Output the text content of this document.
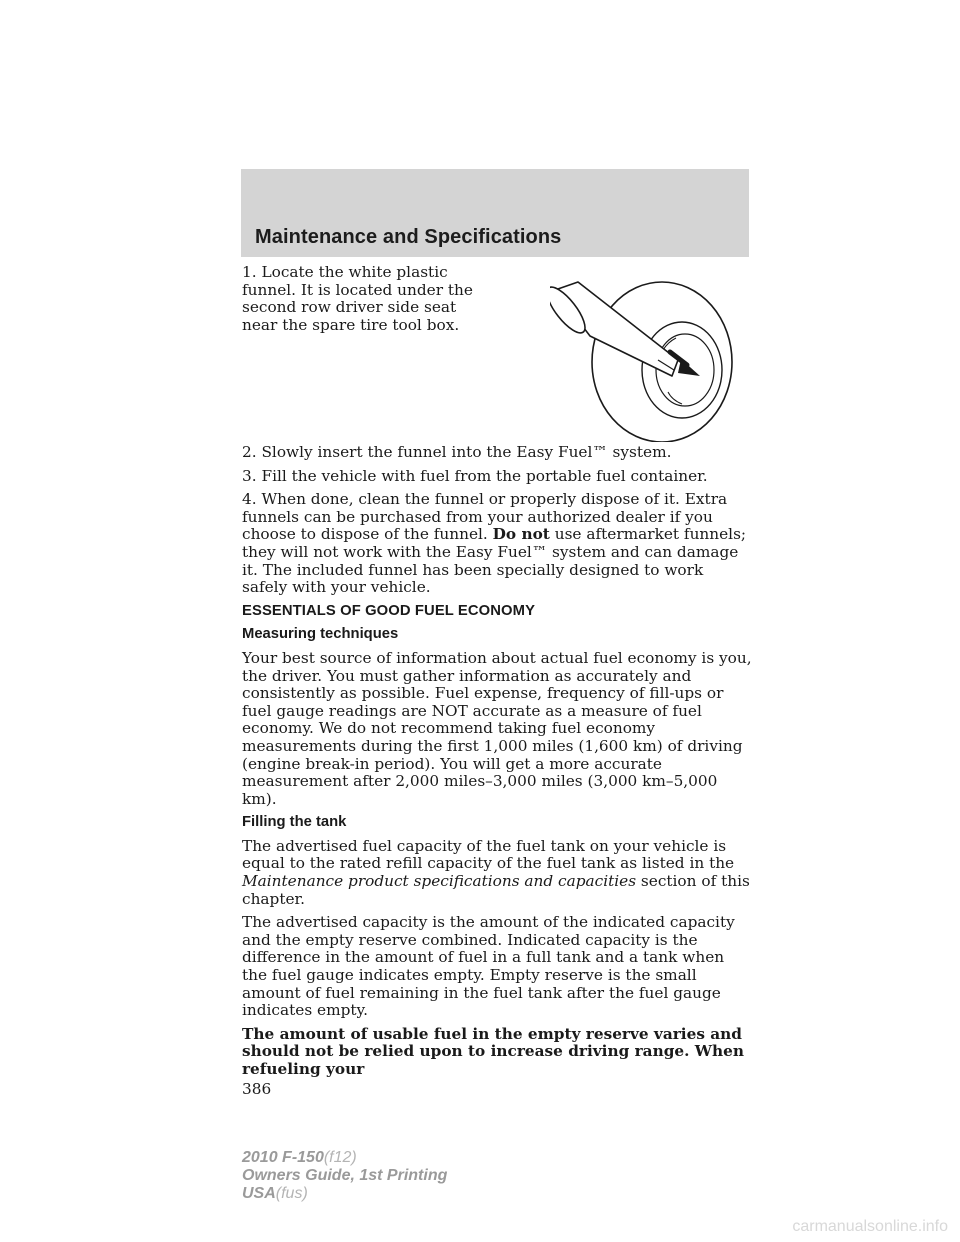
Maintenance and Specifications

1. Locate the white plastic funnel. It is located under the second row driver side seat near the spare tire tool box.

2. Slowly insert the funnel into the Easy Fuel™ system.

3. Fill the vehicle with fuel from the portable fuel container.

4. When done, clean the funnel or properly dispose of it. Extra funnels can be purchased from your authorized dealer if you choose to dispose of the funnel. Do not use aftermarket funnels; they will not work with the Easy Fuel™ system and can damage it. The included funnel has been specially designed to work safely with your vehicle.

ESSENTIALS OF GOOD FUEL ECONOMY
Measuring techniques

Your best source of information about actual fuel economy is you, the driver. You must gather information as accurately and consistently as possible. Fuel expense, frequency of fill-ups or fuel gauge readings are NOT accurate as a measure of fuel economy. We do not recommend taking fuel economy measurements during the first 1,000 miles (1,600 km) of driving (engine break-in period). You will get a more accurate measurement after 2,000 miles–3,000 miles (3,000 km–5,000 km).

Filling the tank

The advertised fuel capacity of the fuel tank on your vehicle is equal to the rated refill capacity of the fuel tank as listed in the Maintenance product specifications and capacities section of this chapter.

The advertised capacity is the amount of the indicated capacity and the empty reserve combined. Indicated capacity is the difference in the amount of fuel in a full tank and a tank when the fuel gauge indicates empty. Empty reserve is the small amount of fuel remaining in the fuel tank after the fuel gauge indicates empty.

The amount of usable fuel in the empty reserve varies and should not be relied upon to increase driving range. When refueling your

386
2010 F-150(f12)
Owners Guide, 1st Printing
USA(fus)
carmanualsonline.info
